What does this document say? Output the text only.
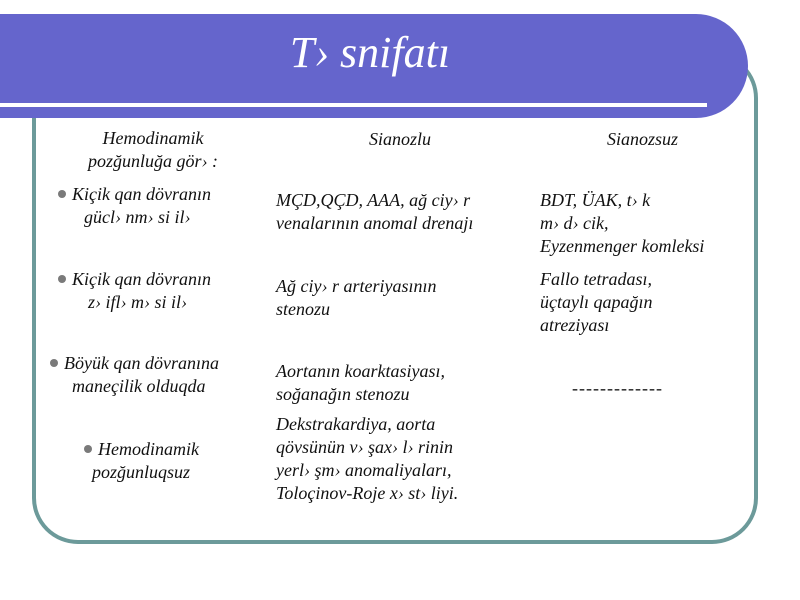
T› snifatı
Hemodinamik
pozğunluğa gör› :
Sianozlu	Sianozsuz
Kiçik qan dövranın
gücl› nm› si il›
MÇD,QÇD, AAA, ağ ciy› r
venalarının anomal drenajı
BDT, ÜAK, t› k
m› d› cik,
Eyzenmenger komleksi
Kiçik qan dövranın
z› ifl› m› si il›
Ağ ciy› r arteriyasının
stenozu
Fallo tetradası,
üçtaylı qapağın
atreziyası
Böyük qan dövranına
maneçilik olduqda
Aortanın koarktasiyası,
soğanağın stenozu	-------------
Hemodinamik
pozğunluqsuz
Dekstrakardiya, aorta
qövsünün v› şax› l› rinin
yerl› şm› anomaliyaları,
Toloçinov-Roje x› st› liyi.
